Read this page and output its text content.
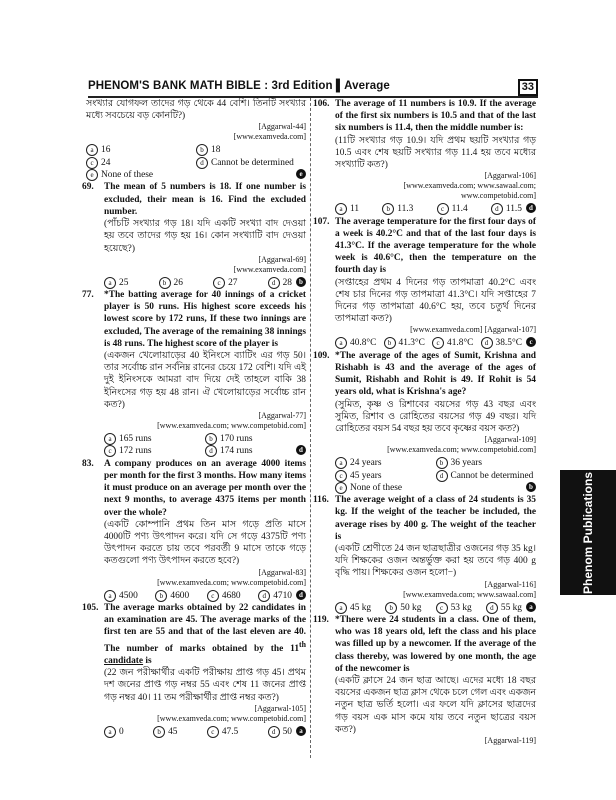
PHENOM'S BANK MATH BIBLE : 3rd Edition ▌Average	33
সংখ্যার যোগফল তাদের গড় থেকে 44 বেশি। তিনটি সংখ্যার মধ্যে সবচেয়ে বড় কোনটি?)
[Aggarwal-44]
[www.examveda.com]
a 16	b 18
c 24	d Cannot be determined
e None of these	e
69. The mean of 5 numbers is 18. If one number is excluded, their mean is 16. Find the excluded number.
(পাঁচটি সংখ্যার গড় 18। যদি একটি সংখ্যা বাদ দেওয়া হয় তবে তাদের গড় হয় 16। কোন সংখ্যাটি বাদ দেওয়া হয়েছে?)
[Aggarwal-69]
[www.examveda.com]
a 25	b 26	c 27	d 28	b
77. *The batting average for 40 innings of a cricket player is 50 runs. His highest score exceeds his lowest score by 172 runs, If these two innings are excluded, The average of the remaining 38 innings is 48 runs. The highest score of the player is
(একজন খেলোয়াড়ের 40 ইনিংসে ব্যাটিং এর গড় 50। তার সর্বোচ্চ রান সর্বনিম্ন রানের চেয়ে 172 বেশি। যদি এই দুই ইনিংসকে আমরা বাদ দিয়ে দেই তাহলে বাকি 38 ইনিংসের গড় হয় 48 রান। ঐ খেলোয়াড়ের সর্বোচ্চ রান কত?)
[Aggarwal-77]
[www.examveda.com; www.competobid.com]
a 165 runs	b 170 runs
c 172 runs	d 174 runs	d
83. A company produces on an average 4000 items per month for the first 3 months. How many items it must produce on an average per month over the next 9 months, to average 4375 items per month over the whole?
(একটি কোম্পানি প্রথম তিন মাস গড়ে প্রতি মাসে 4000টি পণ্য উৎপাদন করে। যদি সে গড়ে 4375টি পণ্য উৎপাদন করতে চায় তবে পরবর্তী 9 মাসে তাকে গড়ে কতগুলো পণ্য উৎপাদন করতে হবে?)
[Aggarwal-83]
[www.examveda.com; www.competobid.com]
a 4500	b 4600	c 4680	d 4710	d
105. The average marks obtained by 22 candidates in an examination are 45. The average marks of the first ten are 55 and that of the last eleven are 40. The number of marks obtained by the 11th candidate is
(22 জন পরীক্ষার্থীর একটি পরীক্ষায় প্রাপ্ত গড় 45। প্রথম দশ জনের প্রাপ্ত গড় নম্বর 55 এবং শেষ 11 জনের প্রাপ্ত গড় নম্বর 40। 11 তম পরীক্ষার্থীর প্রাপ্ত নম্বর কত?)
[Aggarwal-105]
[www.examveda.com; www.competobid.com]
a 0	b 45	c 47.5	d 50	a
106. The average of 11 numbers is 10.9. If the average of the first six numbers is 10.5 and that of the last six numbers is 11.4, then the middle number is:
(11টি সংখ্যার গড় 10.9। যদি প্রথম ছয়টি সংখ্যার গড় 10.5 এবং শেষ ছয়টি সংখ্যার গড় 11.4 হয় তবে মধ্যের সংখ্যাটি কত?)
[Aggarwal-106]
[www.examveda.com; www.sawaal.com; www.competobid.com]
a 11	b 11.3	c 11.4	d 11.5	d
107. The average temperature for the first four days of a week is 40.2°C and that of the last four days is 41.3°C. If the average temperature for the whole week is 40.6°C, then the temperature on the fourth day is
(সপ্তাহের প্রথম 4 দিনের গড় তাপমাত্রা 40.2°C এবং শেষ চার দিনের গড় তাপমাত্রা 41.3°C। যদি সপ্তাহের 7 দিনের গড় তাপমাত্রা 40.6°C হয়, তবে চতুর্থ দিনের তাপমাত্রা কত?)
[www.examveda.com] [Aggarwal-107]
a 40.8°C	b 41.3°C	c 41.8°C	d 38.5°C	c
109. *The average of the ages of Sumit, Krishna and Rishabh is 43 and the average of the ages of Sumit, Rishabh and Rohit is 49. If Rohit is 54 years old, what is Krishna's age?
(সুমিত, কৃষ্ণ ও রিশাবের বয়সের গড় 43 বছর এবং সুমিত, রিশাব ও রোহিতের বয়সের গড় 49 বছর। যদি রোহিতের বয়স 54 বছর হয় তবে কৃষ্ণের বয়স কত?)
[Aggarwal-109]
[www.examveda.com; www.competobid.com]
a 24 years	b 36 years
c 45 years	d Cannot be determined
e None of these	b
116. The average weight of a class of 24 students is 35 kg. If the weight of the teacher be included, the average rises by 400 g. The weight of the teacher is
(একটি শ্রেণীতে 24 জন ছাত্রছাত্রীর ওজনের গড় 35 kg। যদি শিক্ষকের ওজন অন্তর্ভুক্ত করা হয় তবে গড় 400 g বৃদ্ধি পায়। শিক্ষকের ওজন হলো−)
[Aggarwal-116]
[www.examveda.com; www.sawaal.com]
a 45 kg	b 50 kg	c 53 kg	d 55 kg	a
119. *There were 24 students in a class. One of them, who was 18 years old, left the class and his place was filled up by a newcomer. If the average of the class thereby, was lowered by one month, the age of the newcomer is
(একটি ক্লাসে 24 জন ছাত্র আছে। এদের মধ্যে 18 বছর বয়সের একজন ছাত্র ক্লাস থেকে চলে গেল এবং একজন নতুন ছাত্র ভর্তি হলো। এর ফলে যদি ক্লাসের ছাত্রদের গড় বয়স এক মাস কমে যায় তবে নতুন ছাত্রের বয়স কত?)
[Aggarwal-119]
Phenom Publications
